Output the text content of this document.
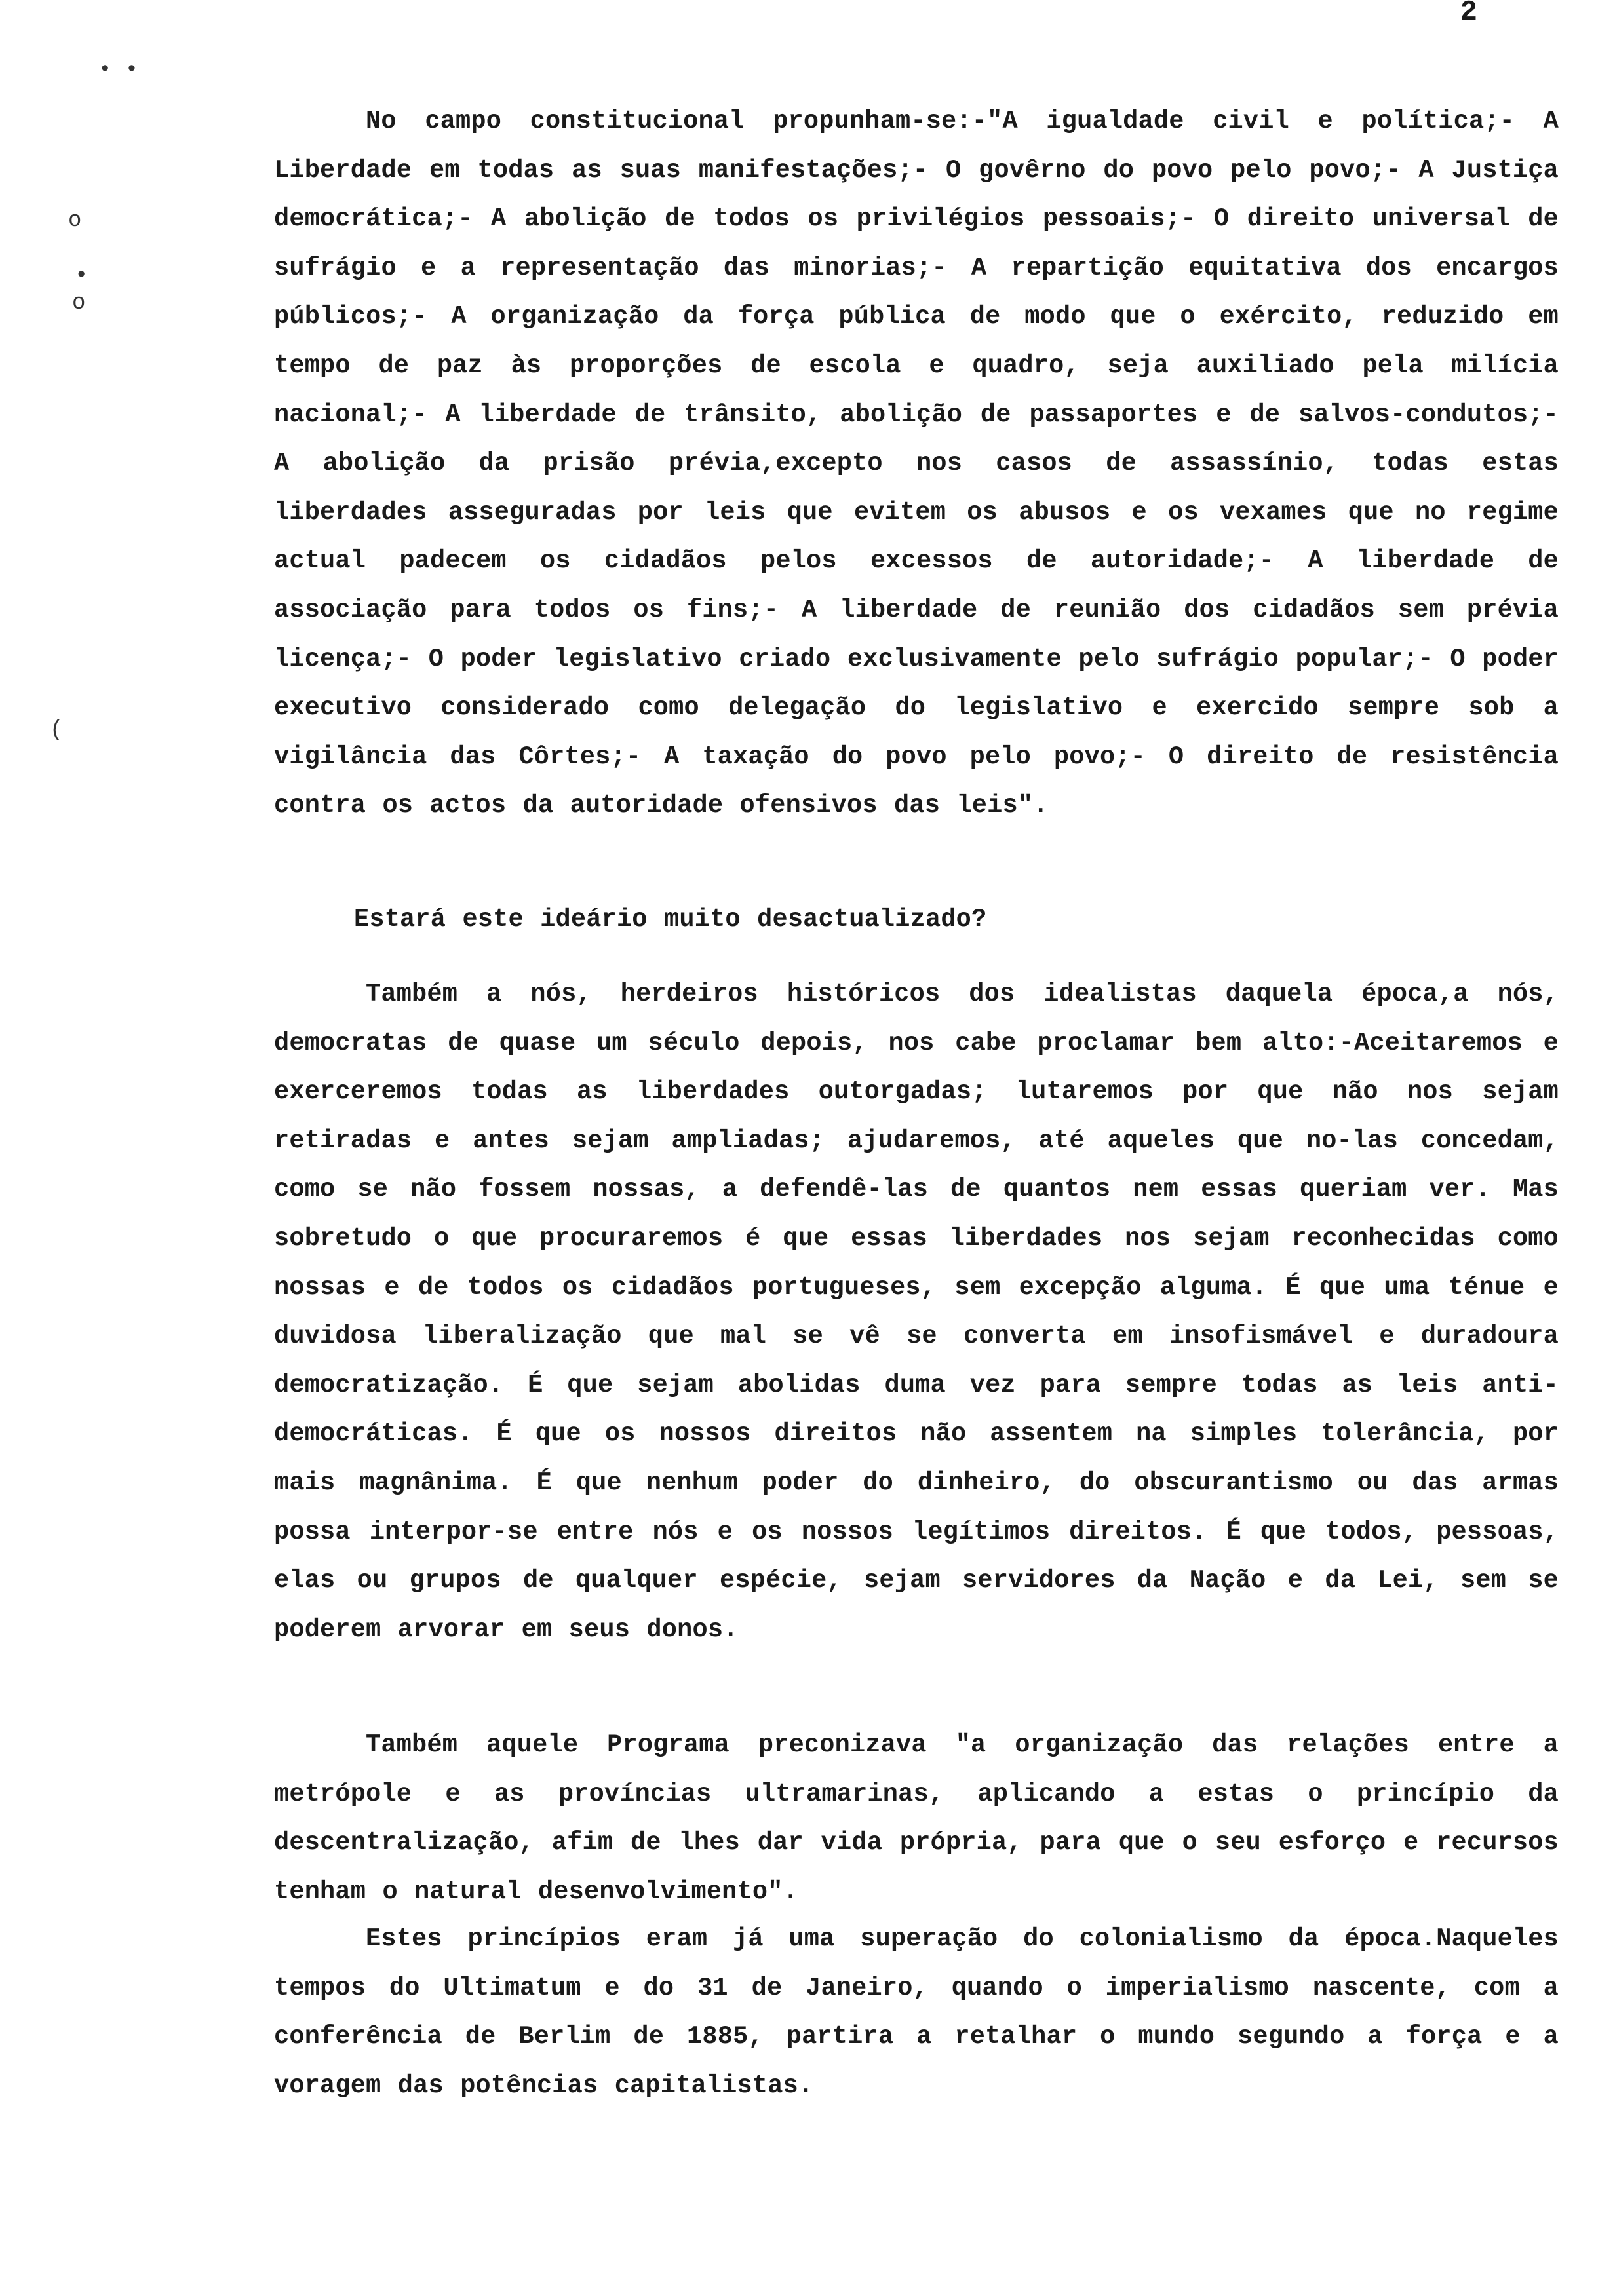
2
• •
o
•
o
(

No campo constitucional propunham-se:-"A igualdade civil e política;- A Liberdade em todas as suas manifestações;- O govêrno do povo pelo povo;- A Justiça democrática;- A abolição de todos os privilégios pessoais;- O direito universal de sufrágio e a representação das minorias;- A repartição equitativa dos encargos públicos;- A organização da força pública de modo que o exército, reduzido em tempo de paz às proporções de escola e quadro, seja auxiliado pela milícia nacional;- A liberdade de trânsito, abolição de passaportes e de salvos-condutos;- A abolição da prisão prévia,excepto nos casos de assassínio, todas estas liberdades asseguradas por leis que evitem os abusos e os vexames que no regime actual padecem os cidadãos pelos excessos de autoridade;- A liberdade de associação para todos os fins;- A liberdade de reunião dos cidadãos sem prévia licença;- O poder legislativo criado exclusivamente pelo sufrágio popular;- O poder executivo considerado como delegação do legislativo e exercido sempre sob a vigilância das Côrtes;- A taxação do povo pelo povo;- O direito de resistência contra os actos da autoridade ofensivos das leis".

Estará este ideário muito desactualizado?

Também a nós, herdeiros históricos dos idealistas daquela época,a nós, democratas de quase um século depois, nos cabe proclamar bem alto:-Aceitaremos e exerceremos todas as liberdades outorgadas; lutaremos por que não nos sejam retiradas e antes sejam ampliadas; ajudaremos, até aqueles que no-las concedam, como se não fossem nossas, a defendê-las de quantos nem essas queriam ver. Mas sobretudo o que procuraremos é que essas liberdades nos sejam reconhecidas como nossas e de todos os cidadãos portugueses, sem excepção alguma. É que uma ténue e duvidosa liberalização que mal se vê se converta em insofismável e duradoura democratização. É que sejam abolidas duma vez para sempre todas as leis anti-democráticas. É que os nossos direitos não assentem na simples tolerância, por mais magnânima. É que nenhum poder do dinheiro, do obscurantismo ou das armas possa interpor-se entre nós e os nossos legítimos direitos. É que todos, pessoas, elas ou grupos de qualquer espécie, sejam servidores da Nação e da Lei, sem se poderem arvorar em seus donos.

Também aquele Programa preconizava "a organização das relações entre a metrópole e as províncias ultramarinas, aplicando a estas o princípio da descentralização, afim de lhes dar vida própria, para que o seu esforço e recursos tenham o natural desenvolvimento".

Estes princípios eram já uma superação do colonialismo da época.Naqueles tempos do Ultimatum e do 31 de Janeiro, quando o imperialismo nascente, com a conferência de Berlim de 1885, partira a retalhar o mundo segundo a força e a voragem das potências capitalistas.
